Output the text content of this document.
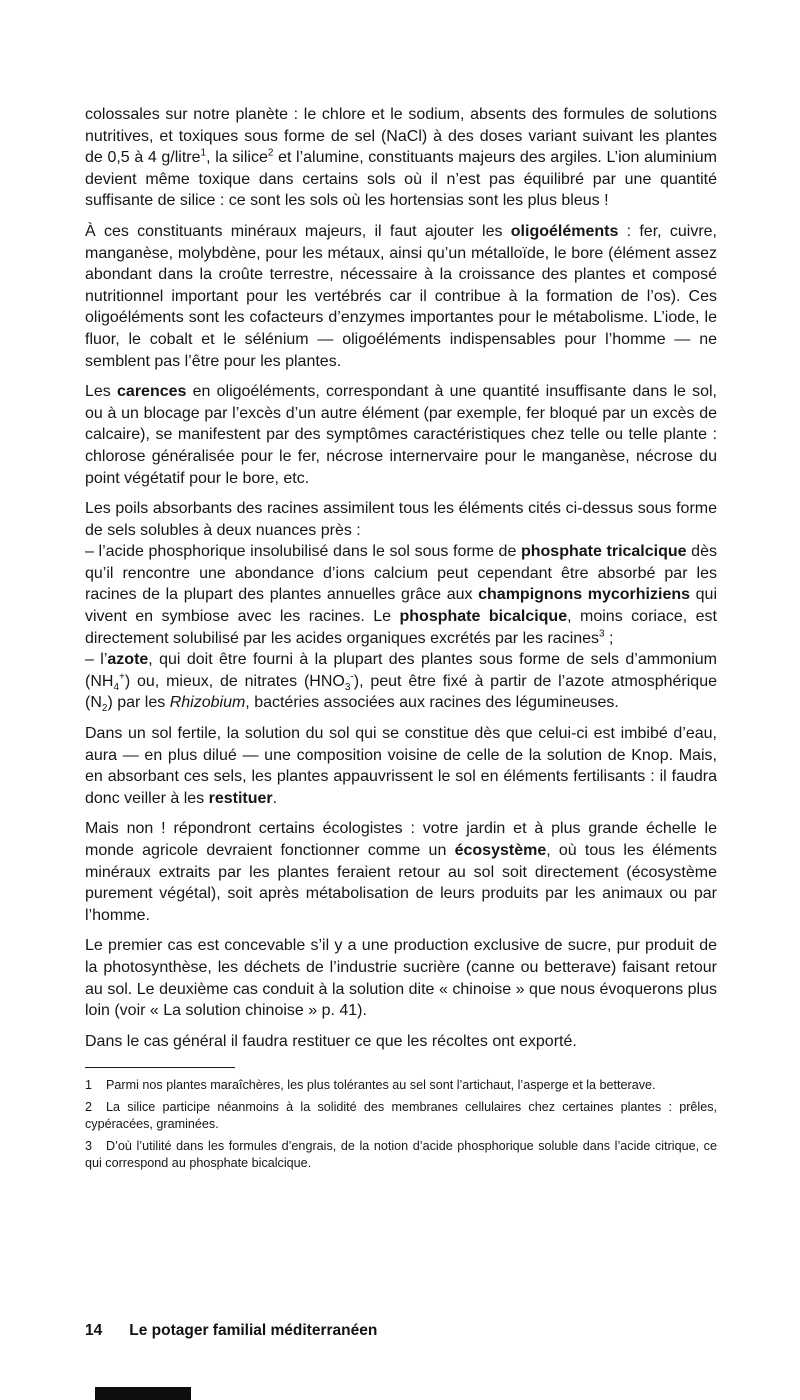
colossales sur notre planète : le chlore et le sodium, absents des formules de solutions nutritives, et toxiques sous forme de sel (NaCl) à des doses variant suivant les plantes de 0,5 à 4 g/litre$^1$, la silice$^2$ et l’alumine, constituants majeurs des argiles. L’ion aluminium devient même toxique dans certains sols où il n’est pas équilibré par une quantité suffisante de silice : ce sont les sols où les hortensias sont les plus bleus !

À ces constituants minéraux majeurs, il faut ajouter les oligoéléments : fer, cuivre, manganèse, molybdène, pour les métaux, ainsi qu’un métalloïde, le bore (élément assez abondant dans la croûte terrestre, nécessaire à la croissance des plantes et composé nutritionnel important pour les vertébrés car il contribue à la formation de l’os). Ces oligoéléments sont les cofacteurs d’enzymes importantes pour le métabolisme. L’iode, le fluor, le cobalt et le sélénium — oligoéléments indispensables pour l’homme — ne semblent pas l’être pour les plantes.

Les carences en oligoéléments, correspondant à une quantité insuffisante dans le sol, ou à un blocage par l’excès d’un autre élément (par exemple, fer bloqué par un excès de calcaire), se manifestent par des symptômes caractéristiques chez telle ou telle plante : chlorose généralisée pour le fer, nécrose internervaire pour le manganèse, nécrose du point végétatif pour le bore, etc.

Les poils absorbants des racines assimilent tous les éléments cités ci-dessus sous forme de sels solubles à deux nuances près :

– l’acide phosphorique insolubilisé dans le sol sous forme de phosphate tricalcique dès qu’il rencontre une abondance d’ions calcium peut cependant être absorbé par les racines de la plupart des plantes annuelles grâce aux champignons mycorhiziens qui vivent en symbiose avec les racines. Le phosphate bicalcique, moins coriace, est directement solubilisé par les acides organiques excrétés par les racines$^3$ ;

– l’azote, qui doit être fourni à la plupart des plantes sous forme de sels d’ammonium $(NH_4^+)$ ou, mieux, de nitrates $(HNO_3^-)$, peut être fixé à partir de l’azote atmosphérique $(N_2)$ par les Rhizobium, bactéries associées aux racines des légumineuses.

Dans un sol fertile, la solution du sol qui se constitue dès que celui-ci est imbibé d’eau, aura — en plus dilué — une composition voisine de celle de la solution de Knop. Mais, en absorbant ces sels, les plantes appauvrissent le sol en éléments fertilisants : il faudra donc veiller à les restituer.

Mais non ! répondront certains écologistes : votre jardin et à plus grande échelle le monde agricole devraient fonctionner comme un écosystème, où tous les éléments minéraux extraits par les plantes feraient retour au sol soit directement (écosystème purement végétal), soit après métabolisation de leurs produits par les animaux ou par l’homme.

Le premier cas est concevable s’il y a une production exclusive de sucre, pur produit de la photosynthèse, les déchets de l’industrie sucrière (canne ou betterave) faisant retour au sol. Le deuxième cas conduit à la solution dite « chinoise » que nous évoquerons plus loin (voir « La solution chinoise » p. 41).

Dans le cas général il faudra restituer ce que les récoltes ont exporté.

1 Parmi nos plantes maraîchères, les plus tolérantes au sel sont l’artichaut, l’asperge et la betterave.

2 La silice participe néanmoins à la solidité des membranes cellulaires chez certaines plantes : prêles, cypéracées, graminées.

3 D’où l’utilité dans les formules d’engrais, de la notion d’acide phosphorique soluble dans l’acide citrique, ce qui correspond au phosphate bicalcique.

14 Le potager familial méditerranéen
